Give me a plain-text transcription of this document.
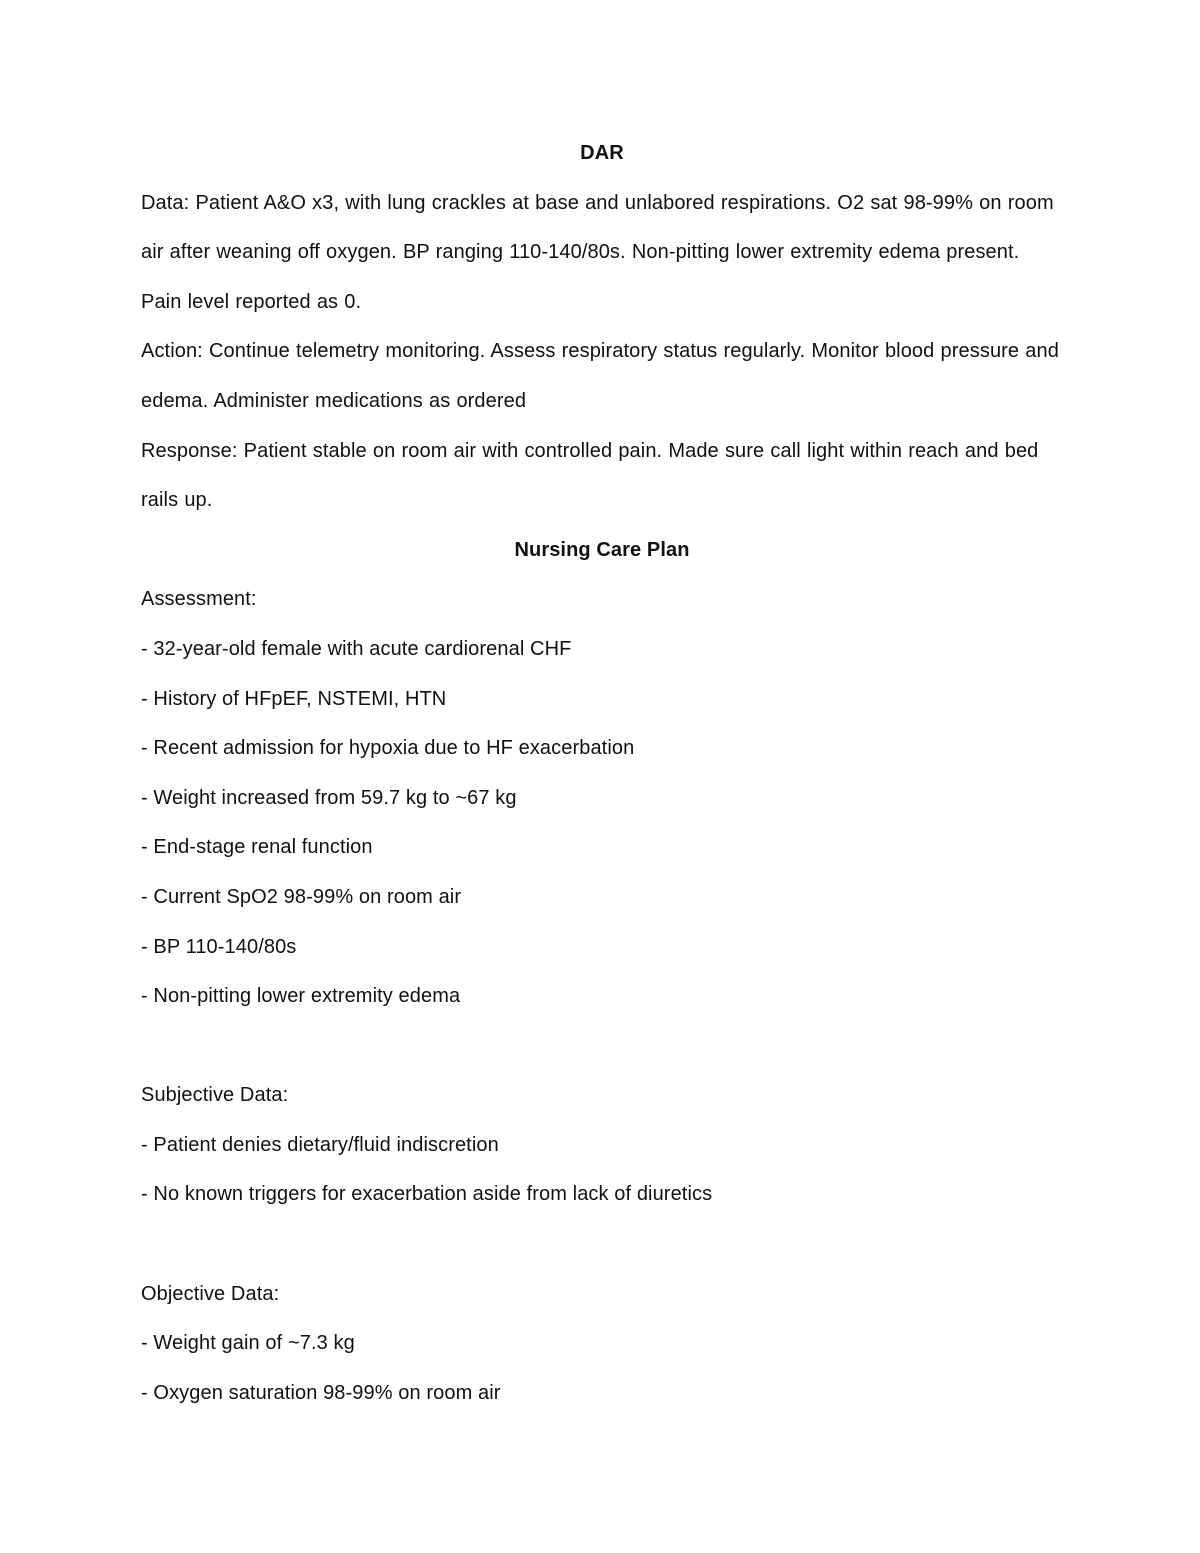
DAR

Data: Patient A&O x3, with lung crackles at base and unlabored respirations. O2 sat 98-99% on room air after weaning off oxygen. BP ranging 110-140/80s. Non-pitting lower extremity edema present. Pain level reported as 0.

Action: Continue telemetry monitoring. Assess respiratory status regularly. Monitor blood pressure and edema. Administer medications as ordered

Response: Patient stable on room air with controlled pain. Made sure call light within reach and bed rails up.

Nursing Care Plan

Assessment:

- 32-year-old female with acute cardiorenal CHF

- History of HFpEF, NSTEMI, HTN

- Recent admission for hypoxia due to HF exacerbation

- Weight increased from 59.7 kg to ~67 kg

- End-stage renal function

- Current SpO2 98-99% on room air

- BP 110-140/80s

- Non-pitting lower extremity edema

Subjective Data:

- Patient denies dietary/fluid indiscretion

- No known triggers for exacerbation aside from lack of diuretics

Objective Data:

- Weight gain of ~7.3 kg

- Oxygen saturation 98-99% on room air
